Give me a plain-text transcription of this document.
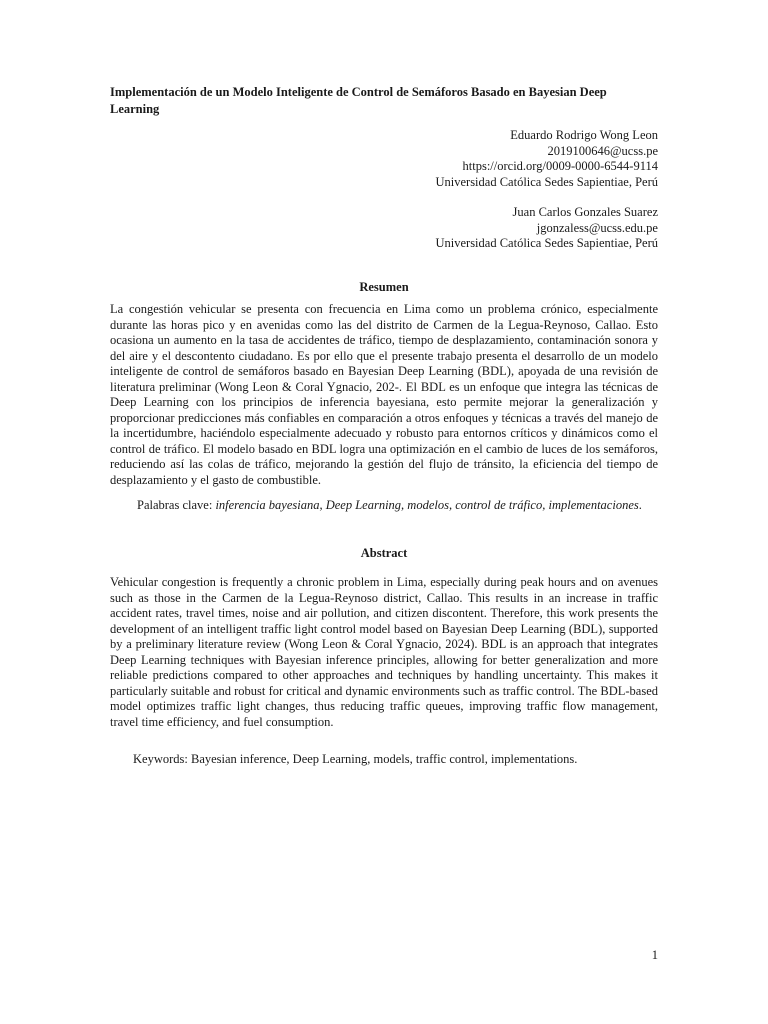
Implementación de un Modelo Inteligente de Control de Semáforos Basado en Bayesian Deep Learning
Eduardo Rodrigo Wong Leon
2019100646@ucss.pe
https://orcid.org/0009-0000-6544-9114
Universidad Católica Sedes Sapientiae, Perú
Juan Carlos Gonzales Suarez
jgonzaless@ucss.edu.pe
Universidad Católica Sedes Sapientiae, Perú
Resumen
La congestión vehicular se presenta con frecuencia en Lima como un problema crónico, especialmente durante las horas pico y en avenidas como las del distrito de Carmen de la Legua-Reynoso, Callao. Esto ocasiona un aumento en la tasa de accidentes de tráfico, tiempo de desplazamiento, contaminación sonora y del aire y el descontento ciudadano. Es por ello que el presente trabajo presenta el desarrollo de un modelo inteligente de control de semáforos basado en Bayesian Deep Learning (BDL), apoyada de una revisión de literatura preliminar (Wong Leon & Coral Ygnacio, 202-. El BDL es un enfoque que integra las técnicas de Deep Learning con los principios de inferencia bayesiana, esto permite mejorar la generalización y proporcionar predicciones más confiables en comparación a otros enfoques y técnicas a través del manejo de la incertidumbre, haciéndolo especialmente adecuado y robusto para entornos críticos y dinámicos como el control de tráfico. El modelo basado en BDL logra una optimización en el cambio de luces de los semáforos, reduciendo así las colas de tráfico, mejorando la gestión del flujo de tránsito, la eficiencia del tiempo de desplazamiento y el gasto de combustible.
Palabras clave: inferencia bayesiana, Deep Learning, modelos, control de tráfico, implementaciones.
Abstract
Vehicular congestion is frequently a chronic problem in Lima, especially during peak hours and on avenues such as those in the Carmen de la Legua-Reynoso district, Callao. This results in an increase in traffic accident rates, travel times, noise and air pollution, and citizen discontent. Therefore, this work presents the development of an intelligent traffic light control model based on Bayesian Deep Learning (BDL), supported by a preliminary literature review (Wong Leon & Coral Ygnacio, 2024). BDL is an approach that integrates Deep Learning techniques with Bayesian inference principles, allowing for better generalization and more reliable predictions compared to other approaches and techniques by handling uncertainty. This makes it particularly suitable and robust for critical and dynamic environments such as traffic control. The BDL-based model optimizes traffic light changes, thus reducing traffic queues, improving traffic flow management, travel time efficiency, and fuel consumption.
Keywords: Bayesian inference, Deep Learning, models, traffic control, implementations.
1
